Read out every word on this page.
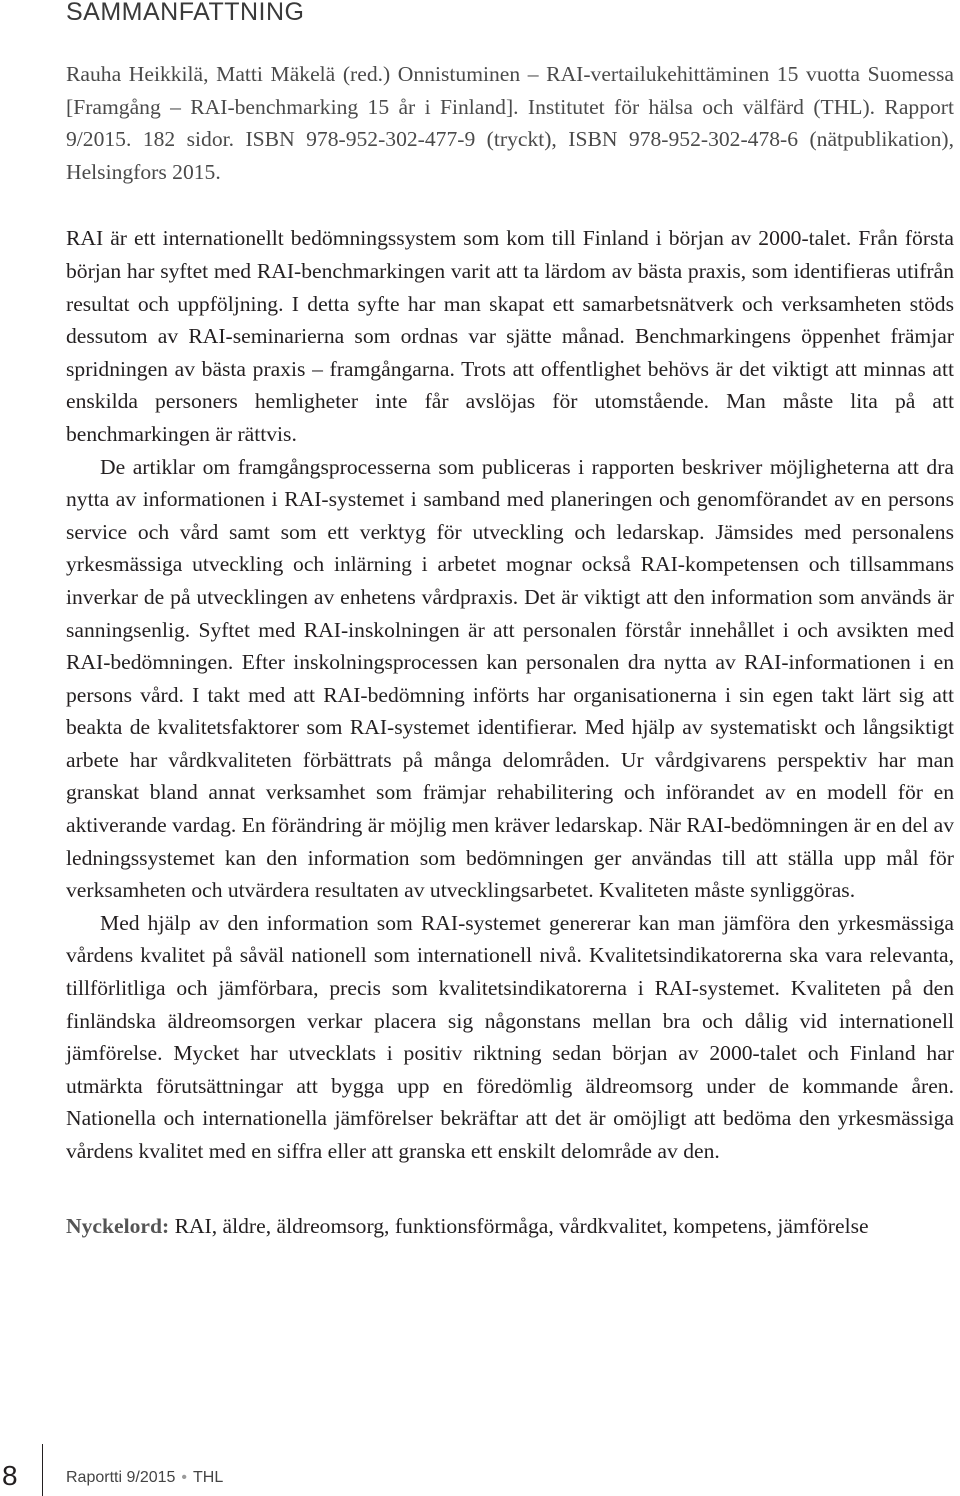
SAMMANFATTNING

Rauha Heikkilä, Matti Mäkelä (red.) Onnistuminen – RAI-vertailukehittäminen 15 vuotta Suomessa [Framgång – RAI-benchmarking 15 år i Finland]. Institutet för hälsa och välfärd (THL). Rapport 9/2015. 182 sidor. ISBN 978-952-302-477-9 (tryckt), ISBN 978-952-302-478-6 (nätpublikation), Helsingfors 2015.

RAI är ett internationellt bedömningssystem som kom till Finland i början av 2000-talet. Från första början har syftet med RAI-benchmarkingen varit att ta lärdom av bästa praxis, som identifieras utifrån resultat och uppföljning. I detta syfte har man skapat ett samarbetsnätverk och verksamheten stöds dessutom av RAI-seminarierna som ordnas var sjätte månad. Benchmarkingens öppenhet främjar spridningen av bästa praxis – framgångarna. Trots att offentlighet behövs är det viktigt att minnas att enskilda personers hemligheter inte får avslöjas för utomstående. Man måste lita på att benchmarkingen är rättvis.

De artiklar om framgångsprocesserna som publiceras i rapporten beskriver möjligheterna att dra nytta av informationen i RAI-systemet i samband med planeringen och genomförandet av en persons service och vård samt som ett verktyg för utveckling och ledarskap. Jämsides med personalens yrkesmässiga utveckling och inlärning i arbetet mognar också RAI-kompetensen och tillsammans inverkar de på utvecklingen av enhetens vårdpraxis. Det är viktigt att den information som används är sanningsenlig. Syftet med RAI-inskolningen är att personalen förstår innehållet i och avsikten med RAI-bedömningen. Efter inskolningsprocessen kan personalen dra nytta av RAI-informationen i en persons vård. I takt med att RAI-bedömning införts har organisationerna i sin egen takt lärt sig att beakta de kvalitetsfaktorer som RAI-systemet identifierar. Med hjälp av systematiskt och långsiktigt arbete har vårdkvaliteten förbättrats på många delområden. Ur vårdgivarens perspektiv har man granskat bland annat verksamhet som främjar rehabilitering och införandet av en modell för en aktiverande vardag. En förändring är möjlig men kräver ledarskap. När RAI-bedömningen är en del av ledningssystemet kan den information som bedömningen ger användas till att ställa upp mål för verksamheten och utvärdera resultaten av utvecklingsarbetet. Kvaliteten måste synliggöras.

Med hjälp av den information som RAI-systemet genererar kan man jämföra den yrkesmässiga vårdens kvalitet på såväl nationell som internationell nivå. Kvalitetsindikatorerna ska vara relevanta, tillförlitliga och jämförbara, precis som kvalitetsindikatorerna i RAI-systemet. Kvaliteten på den finländska äldreomsorgen verkar placera sig någonstans mellan bra och dålig vid internationell jämförelse. Mycket har utvecklats i positiv riktning sedan början av 2000-talet och Finland har utmärkta förutsättningar att bygga upp en föredömlig äldreomsorg under de kommande åren. Nationella och internationella jämförelser bekräftar att det är omöjligt att bedöma den yrkesmässiga vårdens kvalitet med en siffra eller att granska ett enskilt delområde av den.

Nyckelord: RAI, äldre, äldreomsorg, funktionsförmåga, vårdkvalitet, kompetens, jämförelse

8	Raportti 9/2015 • THL
